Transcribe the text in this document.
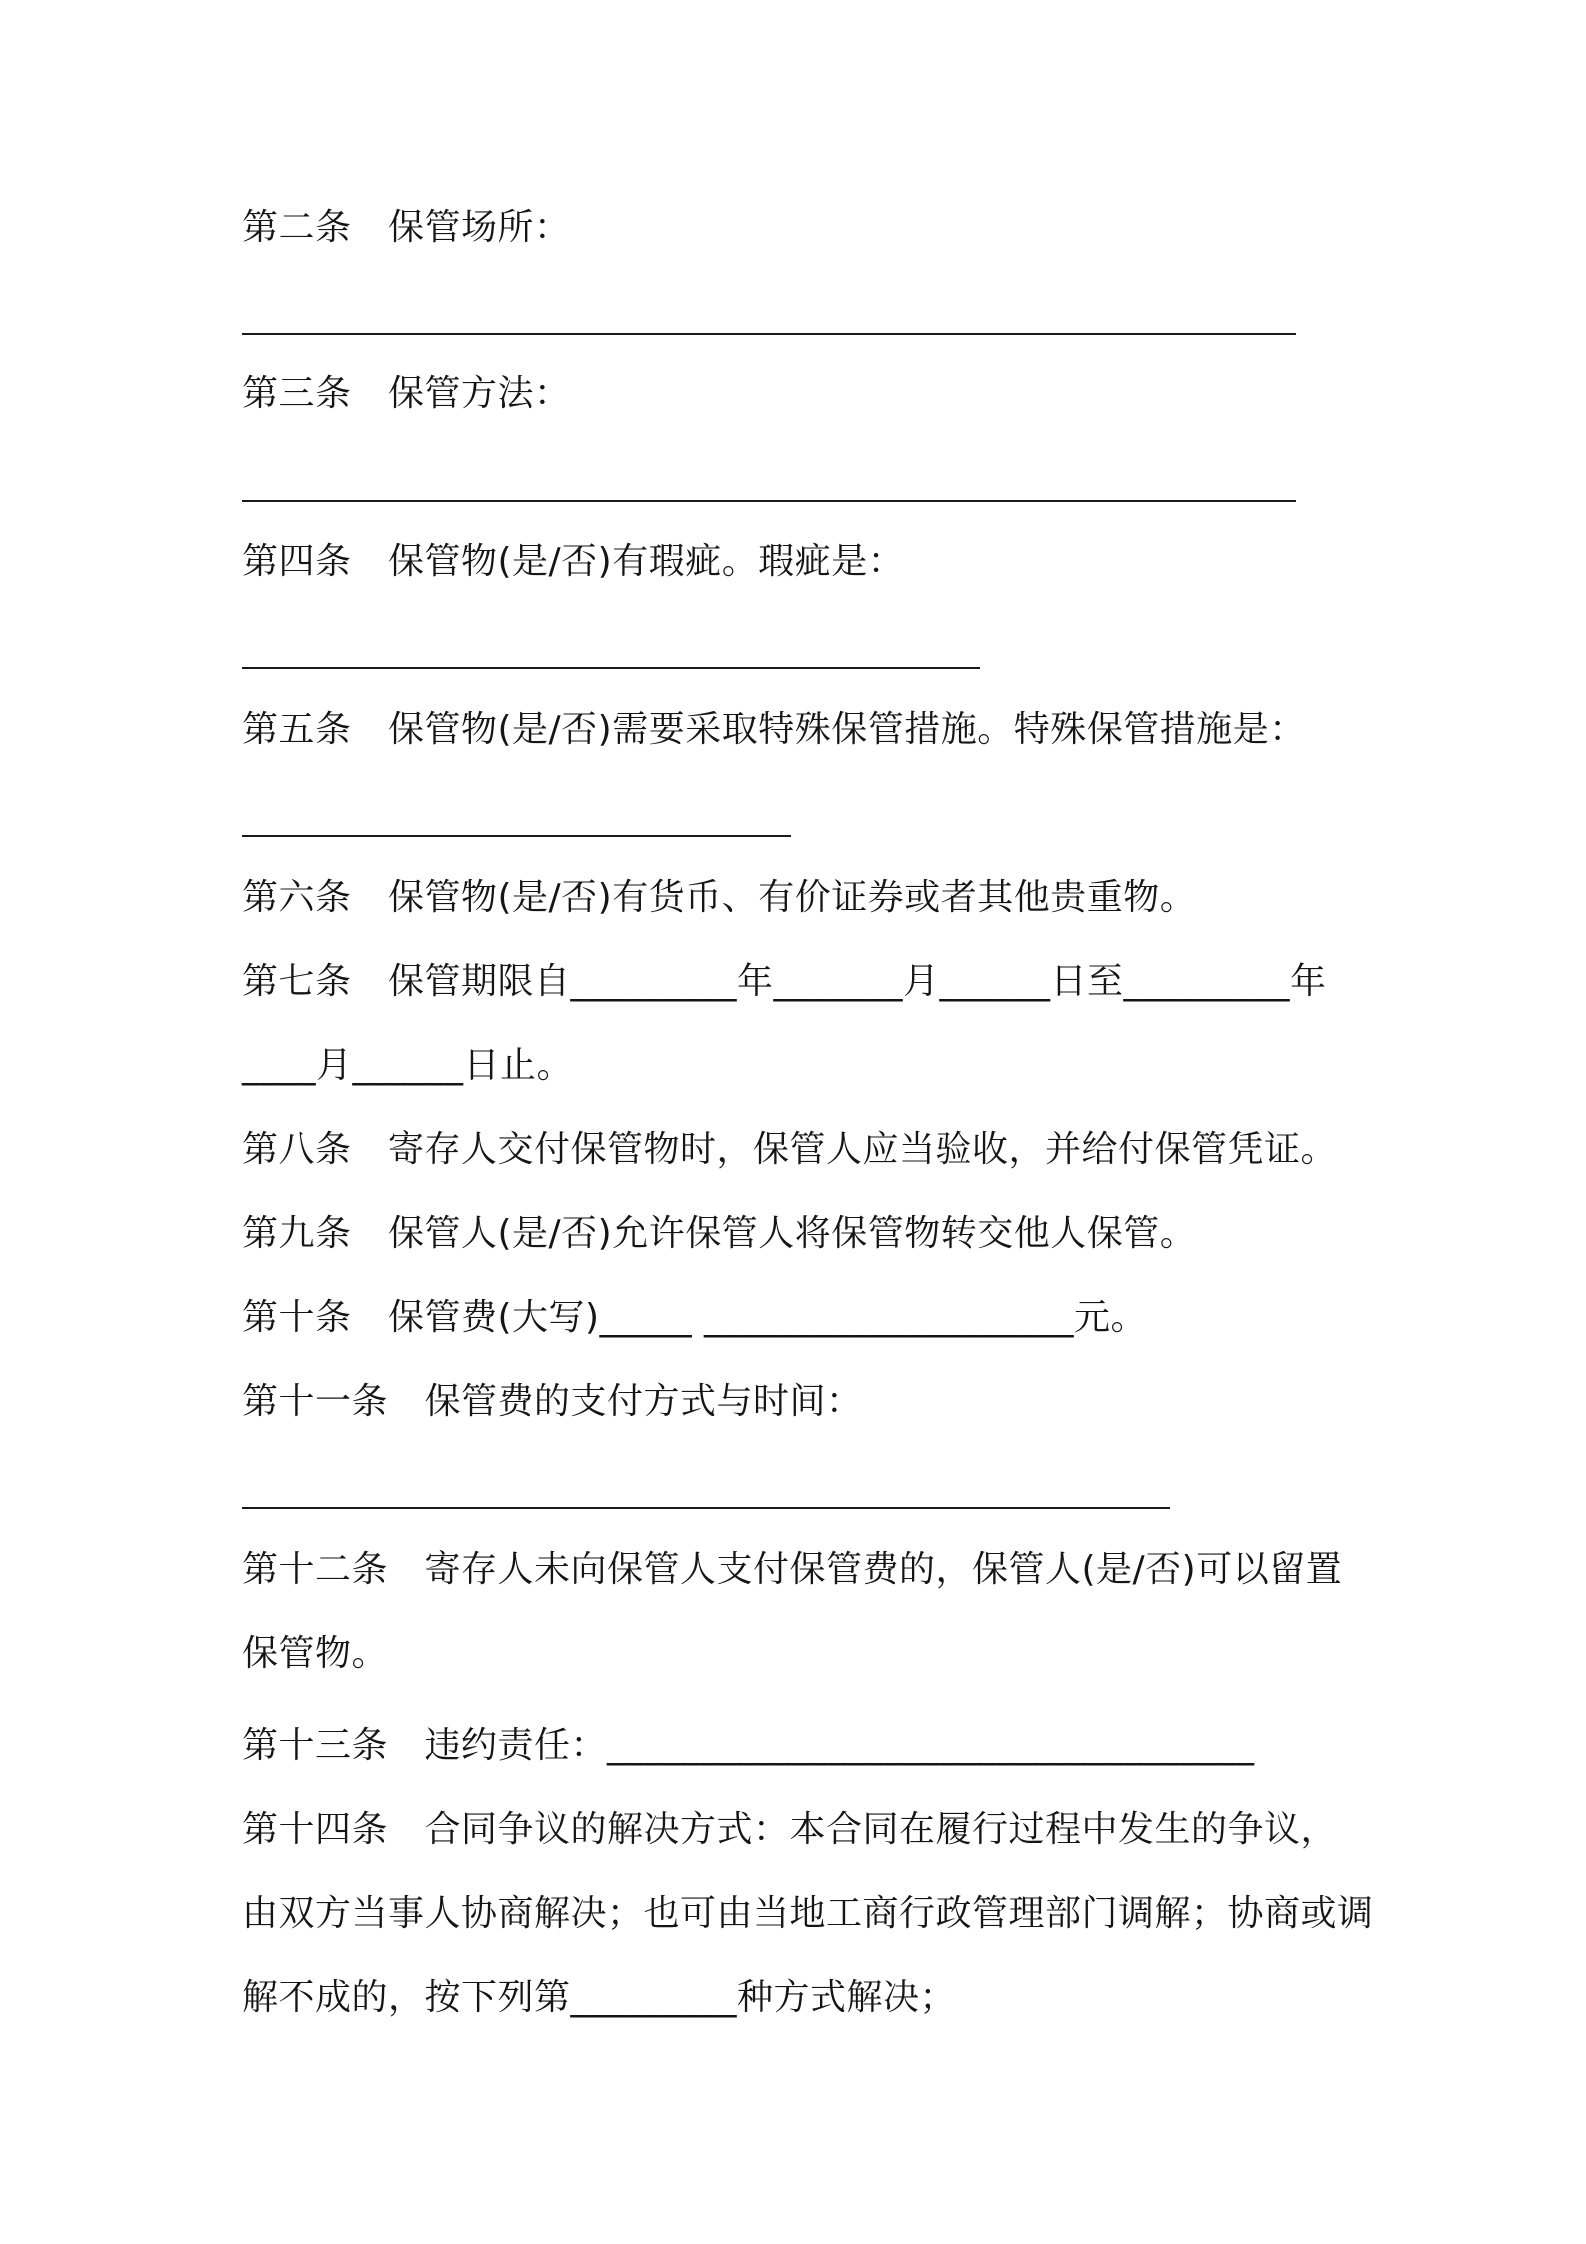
第二条　保管场所：
第三条　保管方法：
第四条　保管物(是/否)有瑕疵。瑕疵是：
第五条　保管物(是/否)需要采取特殊保管措施。特殊保管措施是：
第六条　保管物(是/否)有货币、有价证券或者其他贵重物。
第七条　保管期限自_________年_______月______日至_________年
____月______日止。
第八条　寄存人交付保管物时，保管人应当验收，并给付保管凭证。
第九条　保管人(是/否)允许保管人将保管物转交他人保管。
第十条　保管费(大写)_____ ____________________元。
第十一条　保管费的支付方式与时间：
第十二条　寄存人未向保管人支付保管费的，保管人(是/否)可以留置
保管物。
第十三条　违约责任：___________________________________
第十四条　合同争议的解决方式：本合同在履行过程中发生的争议，
由双方当事人协商解决；也可由当地工商行政管理部门调解；协商或调
解不成的，按下列第_________种方式解决；
